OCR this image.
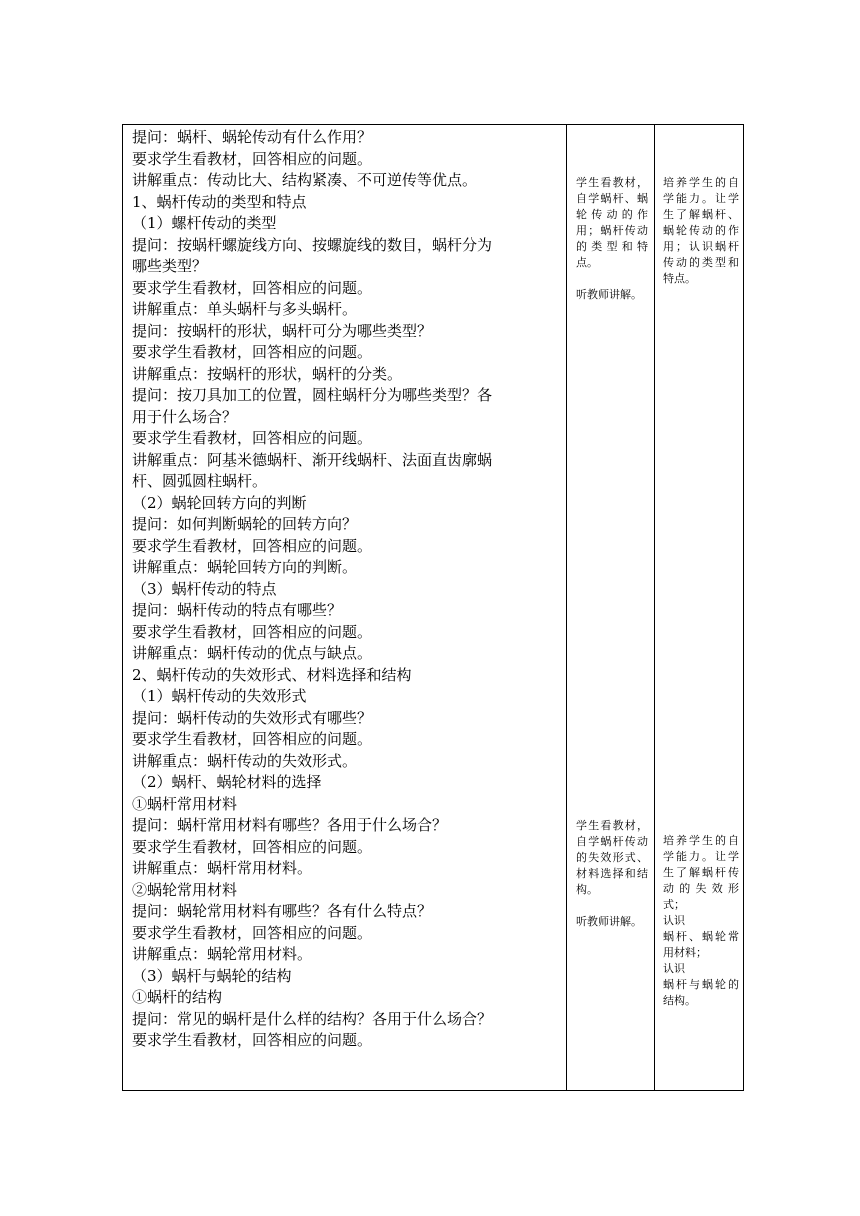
提问：蜗杆、蜗轮传动有什么作用？
要求学生看教材，回答相应的问题。
讲解重点：传动比大、结构紧凑、不可逆传等优点。
1、蜗杆传动的类型和特点
（1）螺杆传动的类型
提问：按蜗杆螺旋线方向、按螺旋线的数目，蜗杆分为
哪些类型？
要求学生看教材，回答相应的问题。
讲解重点：单头蜗杆与多头蜗杆。
提问：按蜗杆的形状，蜗杆可分为哪些类型？
要求学生看教材，回答相应的问题。
讲解重点：按蜗杆的形状，蜗杆的分类。
提问：按刀具加工的位置，圆柱蜗杆分为哪些类型？各
用于什么场合？
要求学生看教材，回答相应的问题。
讲解重点：阿基米德蜗杆、渐开线蜗杆、法面直齿廓蜗
杆、圆弧圆柱蜗杆。
（2）蜗轮回转方向的判断
提问：如何判断蜗轮的回转方向？
要求学生看教材，回答相应的问题。
讲解重点：蜗轮回转方向的判断。
（3）蜗杆传动的特点
提问：蜗杆传动的特点有哪些？
要求学生看教材，回答相应的问题。
讲解重点：蜗杆传动的优点与缺点。
2、蜗杆传动的失效形式、材料选择和结构
（1）蜗杆传动的失效形式
提问：蜗杆传动的失效形式有哪些？
要求学生看教材，回答相应的问题。
讲解重点：蜗杆传动的失效形式。
（2）蜗杆、蜗轮材料的选择
①蜗杆常用材料
提问：蜗杆常用材料有哪些？各用于什么场合？
要求学生看教材，回答相应的问题。
讲解重点：蜗杆常用材料。
②蜗轮常用材料
提问：蜗轮常用材料有哪些？各有什么特点？
要求学生看教材，回答相应的问题。
讲解重点：蜗轮常用材料。
（3）蜗杆与蜗轮的结构
①蜗杆的结构
提问：常见的蜗杆是什么样的结构？各用于什么场合？
要求学生看教材，回答相应的问题。
学生看教材，自学蜗杆、蜗轮传动的作用；蜗杆传动的类型和特点。
听教师讲解。
培养学生的自学能力。让学生了解蜗杆、蜗轮传动的作用；认识蜗杆传动的类型和特点。
学生看教材，自学蜗杆传动的失效形式、材料选择和结构。
听教师讲解。
培养学生的自学能力。让学生了解蜗杆传动的失效形式；
认识
蜗杆、蜗轮常用材料；
认识
蜗杆与蜗轮的结构。
